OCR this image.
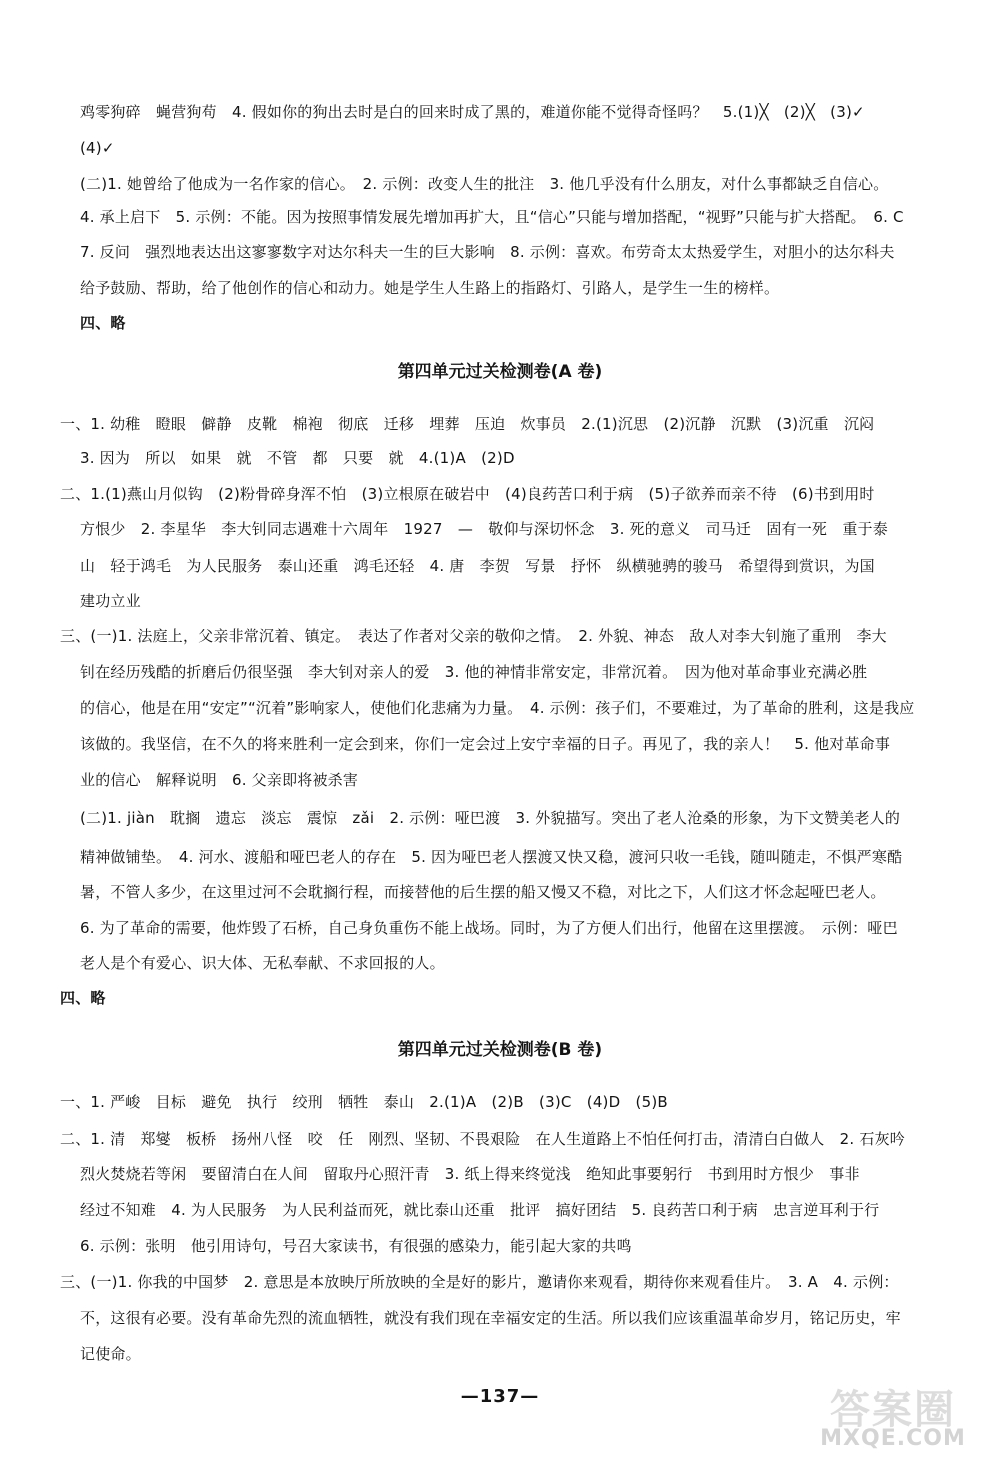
鸡零狗碎　蝇营狗苟　4. 假如你的狗出去时是白的回来时成了黑的，难道你能不觉得奇怪吗？　5.(1)╳　(2)╳　(3)✓
(4)✓
(二)1. 她曾给了他成为一名作家的信心。　2. 示例：改变人生的批注　3. 他几乎没有什么朋友，对什么事都缺乏自信心。
4. 承上启下　5. 示例：不能。因为按照事情发展先增加再扩大，且“信心”只能与增加搭配，“视野”只能与扩大搭配。　6. C
7. 反问　强烈地表达出这寥寥数字对达尔科夫一生的巨大影响　8. 示例：喜欢。布劳奇太太热爱学生，对胆小的达尔科夫
给予鼓励、帮助，给了他创作的信心和动力。她是学生人生路上的指路灯、引路人，是学生一生的榜样。
四、略
第四单元过关检测卷(A 卷)
一、1. 幼稚　瞪眼　僻静　皮靴　棉袍　彻底　迁移　埋葬　压迫　炊事员　2.(1)沉思　(2)沉静　沉默　(3)沉重　沉闷
3. 因为　所以　如果　就　不管　都　只要　就　4.(1)A　(2)D
二、1.(1)燕山月似钩　(2)粉骨碎身浑不怕　(3)立根原在破岩中　(4)良药苦口利于病　(5)子欲养而亲不待　(6)书到用时
方恨少　2. 李星华　李大钊同志遇难十六周年　1927　—　敬仰与深切怀念　3. 死的意义　司马迁　固有一死　重于泰
山　轻于鸿毛　为人民服务　泰山还重　鸿毛还轻　4. 唐　李贺　写景　抒怀　纵横驰骋的骏马　希望得到赏识，为国
建功立业
三、(一)1. 法庭上，父亲非常沉着、镇定。　表达了作者对父亲的敬仰之情。　2. 外貌、神态　敌人对李大钊施了重刑　李大
钊在经历残酷的折磨后仍很坚强　李大钊对亲人的爱　3. 他的神情非常安定，非常沉着。　因为他对革命事业充满必胜
的信心，他是在用“安定”“沉着”影响家人，使他们化悲痛为力量。　4. 示例：孩子们，不要难过，为了革命的胜利，这是我应
该做的。我坚信，在不久的将来胜利一定会到来，你们一定会过上安宁幸福的日子。再见了，我的亲人！　5. 他对革命事
业的信心　解释说明　6. 父亲即将被杀害
(二)1. jiàn　耽搁　遗忘　淡忘　震惊　zǎi　2. 示例：哑巴渡　3. 外貌描写。突出了老人沧桑的形象，为下文赞美老人的
精神做铺垫。　4. 河水、渡船和哑巴老人的存在　5. 因为哑巴老人摆渡又快又稳，渡河只收一毛钱，随叫随走，不惧严寒酷
暑，不管人多少，在这里过河不会耽搁行程，而接替他的后生摆的船又慢又不稳，对比之下，人们这才怀念起哑巴老人。
6. 为了革命的需要，他炸毁了石桥，自己身负重伤不能上战场。同时，为了方便人们出行，他留在这里摆渡。　示例：哑巴
老人是个有爱心、识大体、无私奉献、不求回报的人。
四、略
第四单元过关检测卷(B 卷)
一、1. 严峻　目标　避免　执行　绞刑　牺牲　泰山　2.(1)A　(2)B　(3)C　(4)D　(5)B
二、1. 清　郑燮　板桥　扬州八怪　咬　任　刚烈、坚韧、不畏艰险　在人生道路上不怕任何打击，清清白白做人　2. 石灰吟
烈火焚烧若等闲　要留清白在人间　留取丹心照汗青　3. 纸上得来终觉浅　绝知此事要躬行　书到用时方恨少　事非
经过不知难　4. 为人民服务　为人民利益而死，就比泰山还重　批评　搞好团结　5. 良药苦口利于病　忠言逆耳利于行
6. 示例：张明　他引用诗句，号召大家读书，有很强的感染力，能引起大家的共鸣
三、(一)1. 你我的中国梦　2. 意思是本放映厅所放映的全是好的影片，邀请你来观看，期待你来观看佳片。　3. A　4. 示例：
不，这很有必要。没有革命先烈的流血牺牲，就没有我们现在幸福安定的生活。所以我们应该重温革命岁月，铭记历史，牢
记使命。
—137—	答案圈
MXQE.COM
